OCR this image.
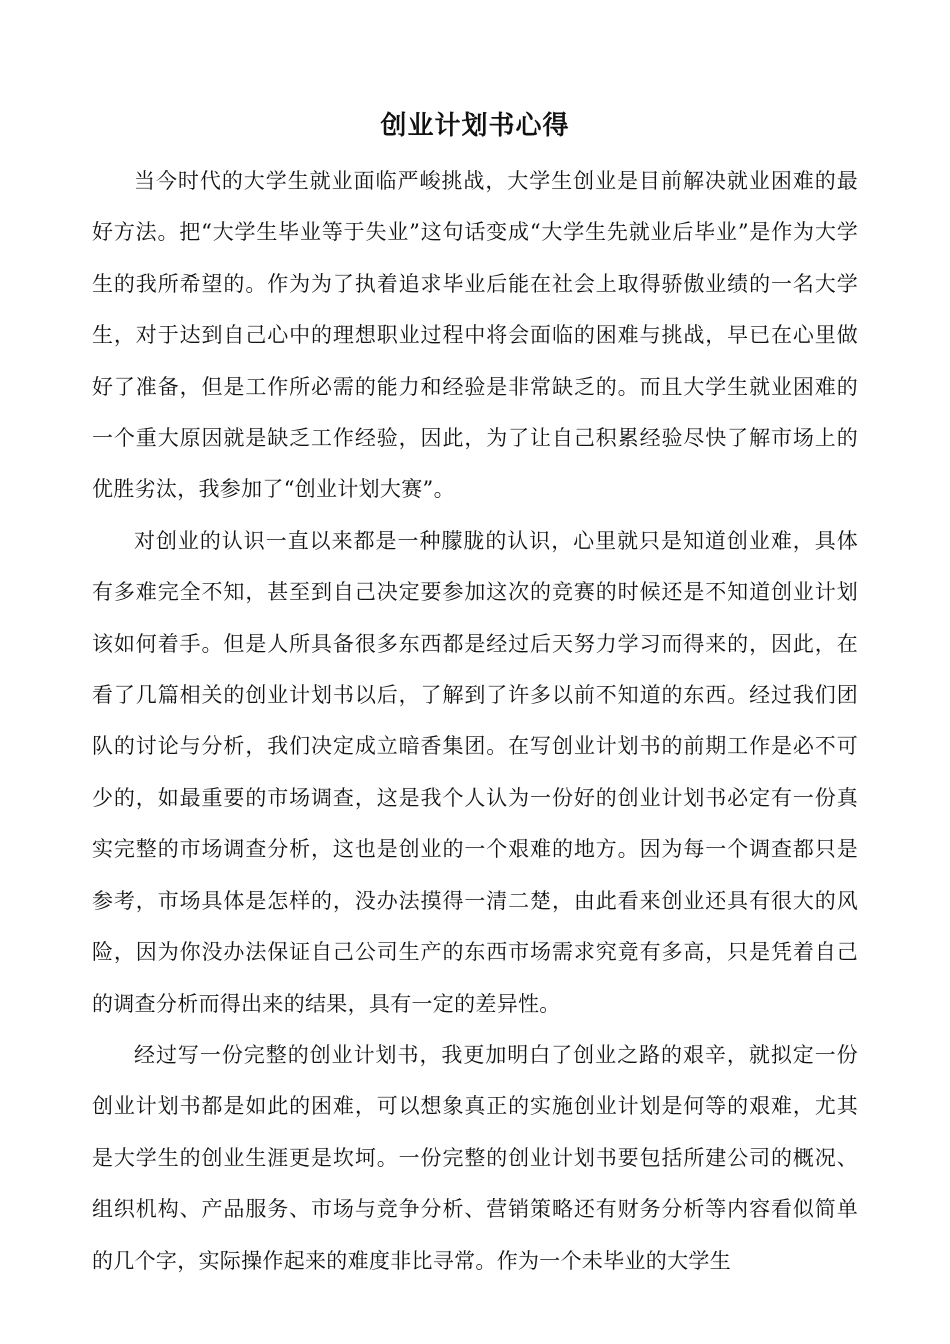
创业计划书心得

当今时代的大学生就业面临严峻挑战，大学生创业是目前解决就业困难的最好方法。把“大学生毕业等于失业”这句话变成“大学生先就业后毕业”是作为大学生的我所希望的。作为为了执着追求毕业后能在社会上取得骄傲业绩的一名大学生，对于达到自己心中的理想职业过程中将会面临的困难与挑战，早已在心里做好了准备，但是工作所必需的能力和经验是非常缺乏的。而且大学生就业困难的一个重大原因就是缺乏工作经验，因此，为了让自己积累经验尽快了解市场上的优胜劣汰，我参加了“创业计划大赛”。

对创业的认识一直以来都是一种朦胧的认识，心里就只是知道创业难，具体有多难完全不知，甚至到自己决定要参加这次的竞赛的时候还是不知道创业计划该如何着手。但是人所具备很多东西都是经过后天努力学习而得来的，因此，在看了几篇相关的创业计划书以后，了解到了许多以前不知道的东西。经过我们团队的讨论与分析，我们决定成立暗香集团。在写创业计划书的前期工作是必不可少的，如最重要的市场调查，这是我个人认为一份好的创业计划书必定有一份真实完整的市场调查分析，这也是创业的一个艰难的地方。因为每一个调查都只是参考，市场具体是怎样的，没办法摸得一清二楚，由此看来创业还具有很大的风险，因为你没办法保证自己公司生产的东西市场需求究竟有多高，只是凭着自己的调查分析而得出来的结果，具有一定的差异性。

经过写一份完整的创业计划书，我更加明白了创业之路的艰辛，就拟定一份创业计划书都是如此的困难，可以想象真正的实施创业计划是何等的艰难，尤其是大学生的创业生涯更是坎坷。一份完整的创业计划书要包括所建公司的概况、组织机构、产品服务、市场与竞争分析、营销策略还有财务分析等内容看似简单的几个字，实际操作起来的难度非比寻常。作为一个未毕业的大学生
